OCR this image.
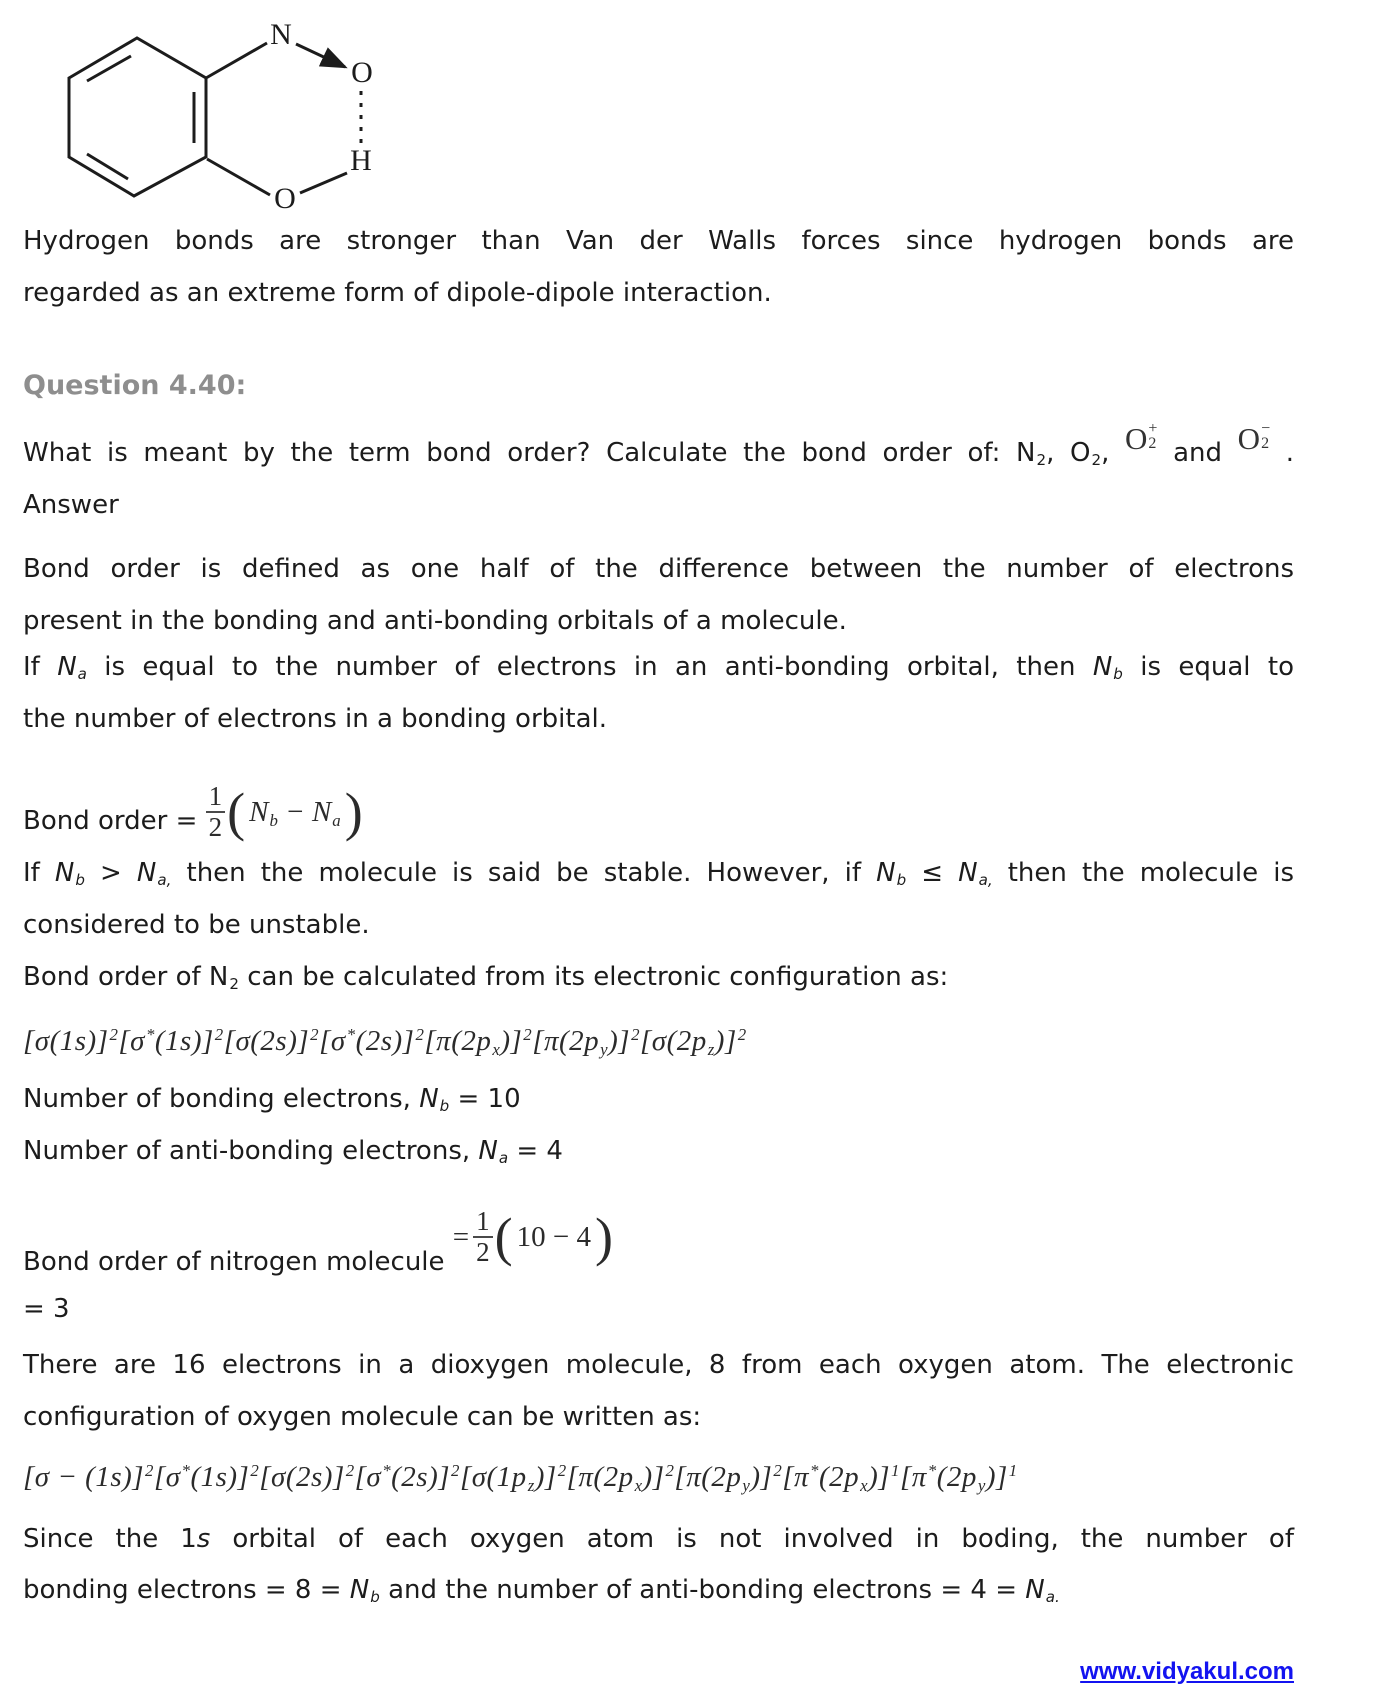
N
O
H
O
Hydrogen bonds are stronger than Van der Walls forces since hydrogen bonds are
regarded as an extreme form of dipole-dipole interaction.
Question 4.40:
What is meant by the term bond order? Calculate the bond order of: $N_2$, $O_2$, O +
2 and O −
2 .
Answer
Bond order is defined as one half of the difference between the number of electrons
present in the bonding and anti-bonding orbitals of a molecule.
If $N_a$ is equal to the number of electrons in an anti-bonding orbital, then $N_b$ is equal to
the number of electrons in a bonding orbital.
Bond order = $\frac{1}{2}$ ( $N_b - N_a$ )
If $N_b > N_{a,}$ then the molecule is said be stable. However, if $N_b \le N_{a,}$ then the molecule is
considered to be unstable.
Bond order of $N_2$ can be calculated from its electronic configuration as:
$[\sigma(1s)]^2[\sigma^*(1s)]^2[\sigma(2s)]^2[\sigma^*(2s)]^2[\pi(2p_x)]^2[\pi(2p_y)]^2[\sigma(2p_z)]^2$
Number of bonding electrons, $N_b = 10$
Number of anti-bonding electrons, $N_a = 4$
Bond order of nitrogen molecule
= $\frac{1}{2}$ ( 10 − 4 )
= 3
There are 16 electrons in a dioxygen molecule, 8 from each oxygen atom. The electronic
configuration of oxygen molecule can be written as:
$[\sigma - (1s)]^2[\sigma^*(1s)]^2[\sigma(2s)]^2[\sigma^*(2s)]^2[\sigma(1p_z)]^2[\pi(2p_x)]^2[\pi(2p_y)]^2[\pi^*(2p_x)]^1[\pi^*(2p_y)]^1$
Since the 1s orbital of each oxygen atom is not involved in boding, the number of
bonding electrons = $8 = N_b$ and the number of anti-bonding electrons = $4 = N_{a.}$
www.vidyakul.com
